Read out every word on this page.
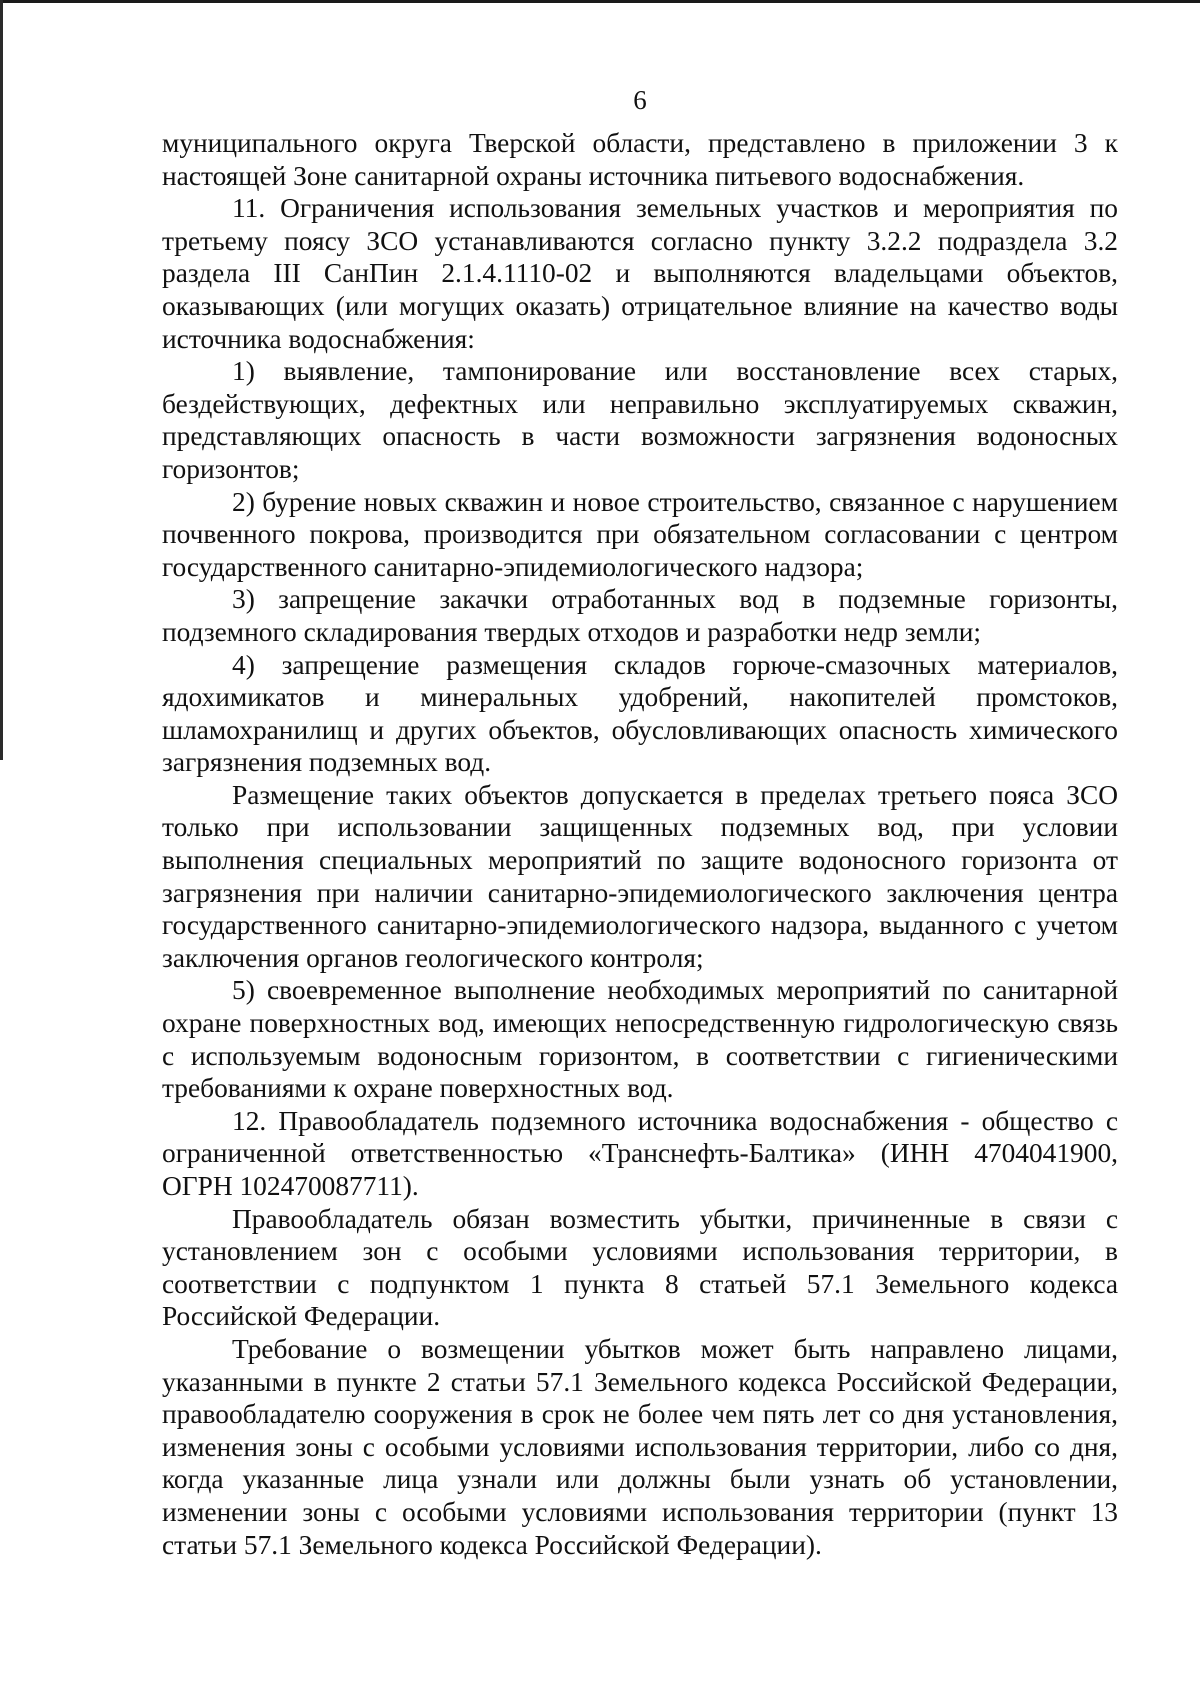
6

муниципального округа Тверской области, представлено в приложении 3 к настоящей Зоне санитарной охраны источника питьевого водоснабжения.

11. Ограничения использования земельных участков и мероприятия по третьему поясу ЗСО устанавливаются согласно пункту 3.2.2 подраздела 3.2 раздела III СанПин 2.1.4.1110-02 и выполняются владельцами объектов, оказывающих (или могущих оказать) отрицательное влияние на качество воды источника водоснабжения:

1) выявление, тампонирование или восстановление всех старых, бездействующих, дефектных или неправильно эксплуатируемых скважин, представляющих опасность в части возможности загрязнения водоносных горизонтов;

2) бурение новых скважин и новое строительство, связанное с нарушением почвенного покрова, производится при обязательном согласовании с центром государственного санитарно-эпидемиологического надзора;

3) запрещение закачки отработанных вод в подземные горизонты, подземного складирования твердых отходов и разработки недр земли;

4) запрещение размещения складов горюче-смазочных материалов, ядохимикатов и минеральных удобрений, накопителей промстоков, шламохранилищ и других объектов, обусловливающих опасность химического загрязнения подземных вод.

Размещение таких объектов допускается в пределах третьего пояса ЗСО только при использовании защищенных подземных вод, при условии выполнения специальных мероприятий по защите водоносного горизонта от загрязнения при наличии санитарно-эпидемиологического заключения центра государственного санитарно-эпидемиологического надзора, выданного с учетом заключения органов геологического контроля;

5) своевременное выполнение необходимых мероприятий по санитарной охране поверхностных вод, имеющих непосредственную гидрологическую связь с используемым водоносным горизонтом, в соответствии с гигиеническими требованиями к охране поверхностных вод.

12. Правообладатель подземного источника водоснабжения - общество с ограниченной ответственностью «Транснефть-Балтика» (ИНН 4704041900, ОГРН 102470087711).

Правообладатель обязан возместить убытки, причиненные в связи с установлением зон с особыми условиями использования территории, в соответствии с подпунктом 1 пункта 8 статьей 57.1 Земельного кодекса Российской Федерации.

Требование о возмещении убытков может быть направлено лицами, указанными в пункте 2 статьи 57.1 Земельного кодекса Российской Федерации, правообладателю сооружения в срок не более чем пять лет со дня установления, изменения зоны с особыми условиями использования территории, либо со дня, когда указанные лица узнали или должны были узнать об установлении, изменении зоны с особыми условиями использования территории (пункт 13 статьи 57.1 Земельного кодекса Российской Федерации).
